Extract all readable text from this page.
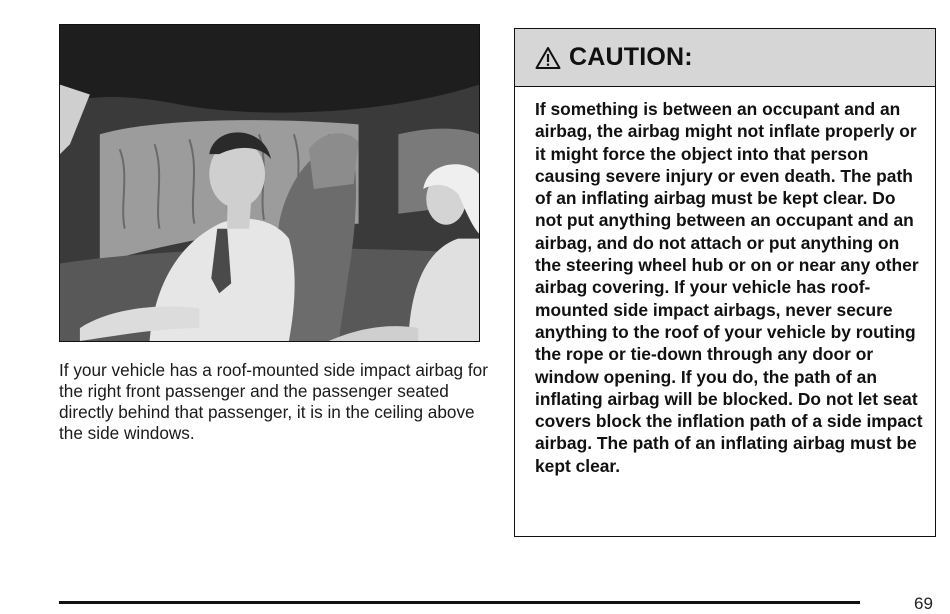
If your vehicle has a roof-mounted side impact airbag for the right front passenger and the passenger seated directly behind that passenger, it is in the ceiling above the side windows.
CAUTION:
If something is between an occupant and an airbag, the airbag might not inflate properly or it might force the object into that person causing severe injury or even death. The path of an inflating airbag must be kept clear. Do not put anything between an occupant and an airbag, and do not attach or put anything on the steering wheel hub or on or near any other airbag covering. If your vehicle has roof-mounted side impact airbags, never secure anything to the roof of your vehicle by routing the rope or tie-down through any door or window opening. If you do, the path of an inflating airbag will be blocked. Do not let seat covers block the inflation path of a side impact airbag. The path of an inflating airbag must be kept clear.
69
